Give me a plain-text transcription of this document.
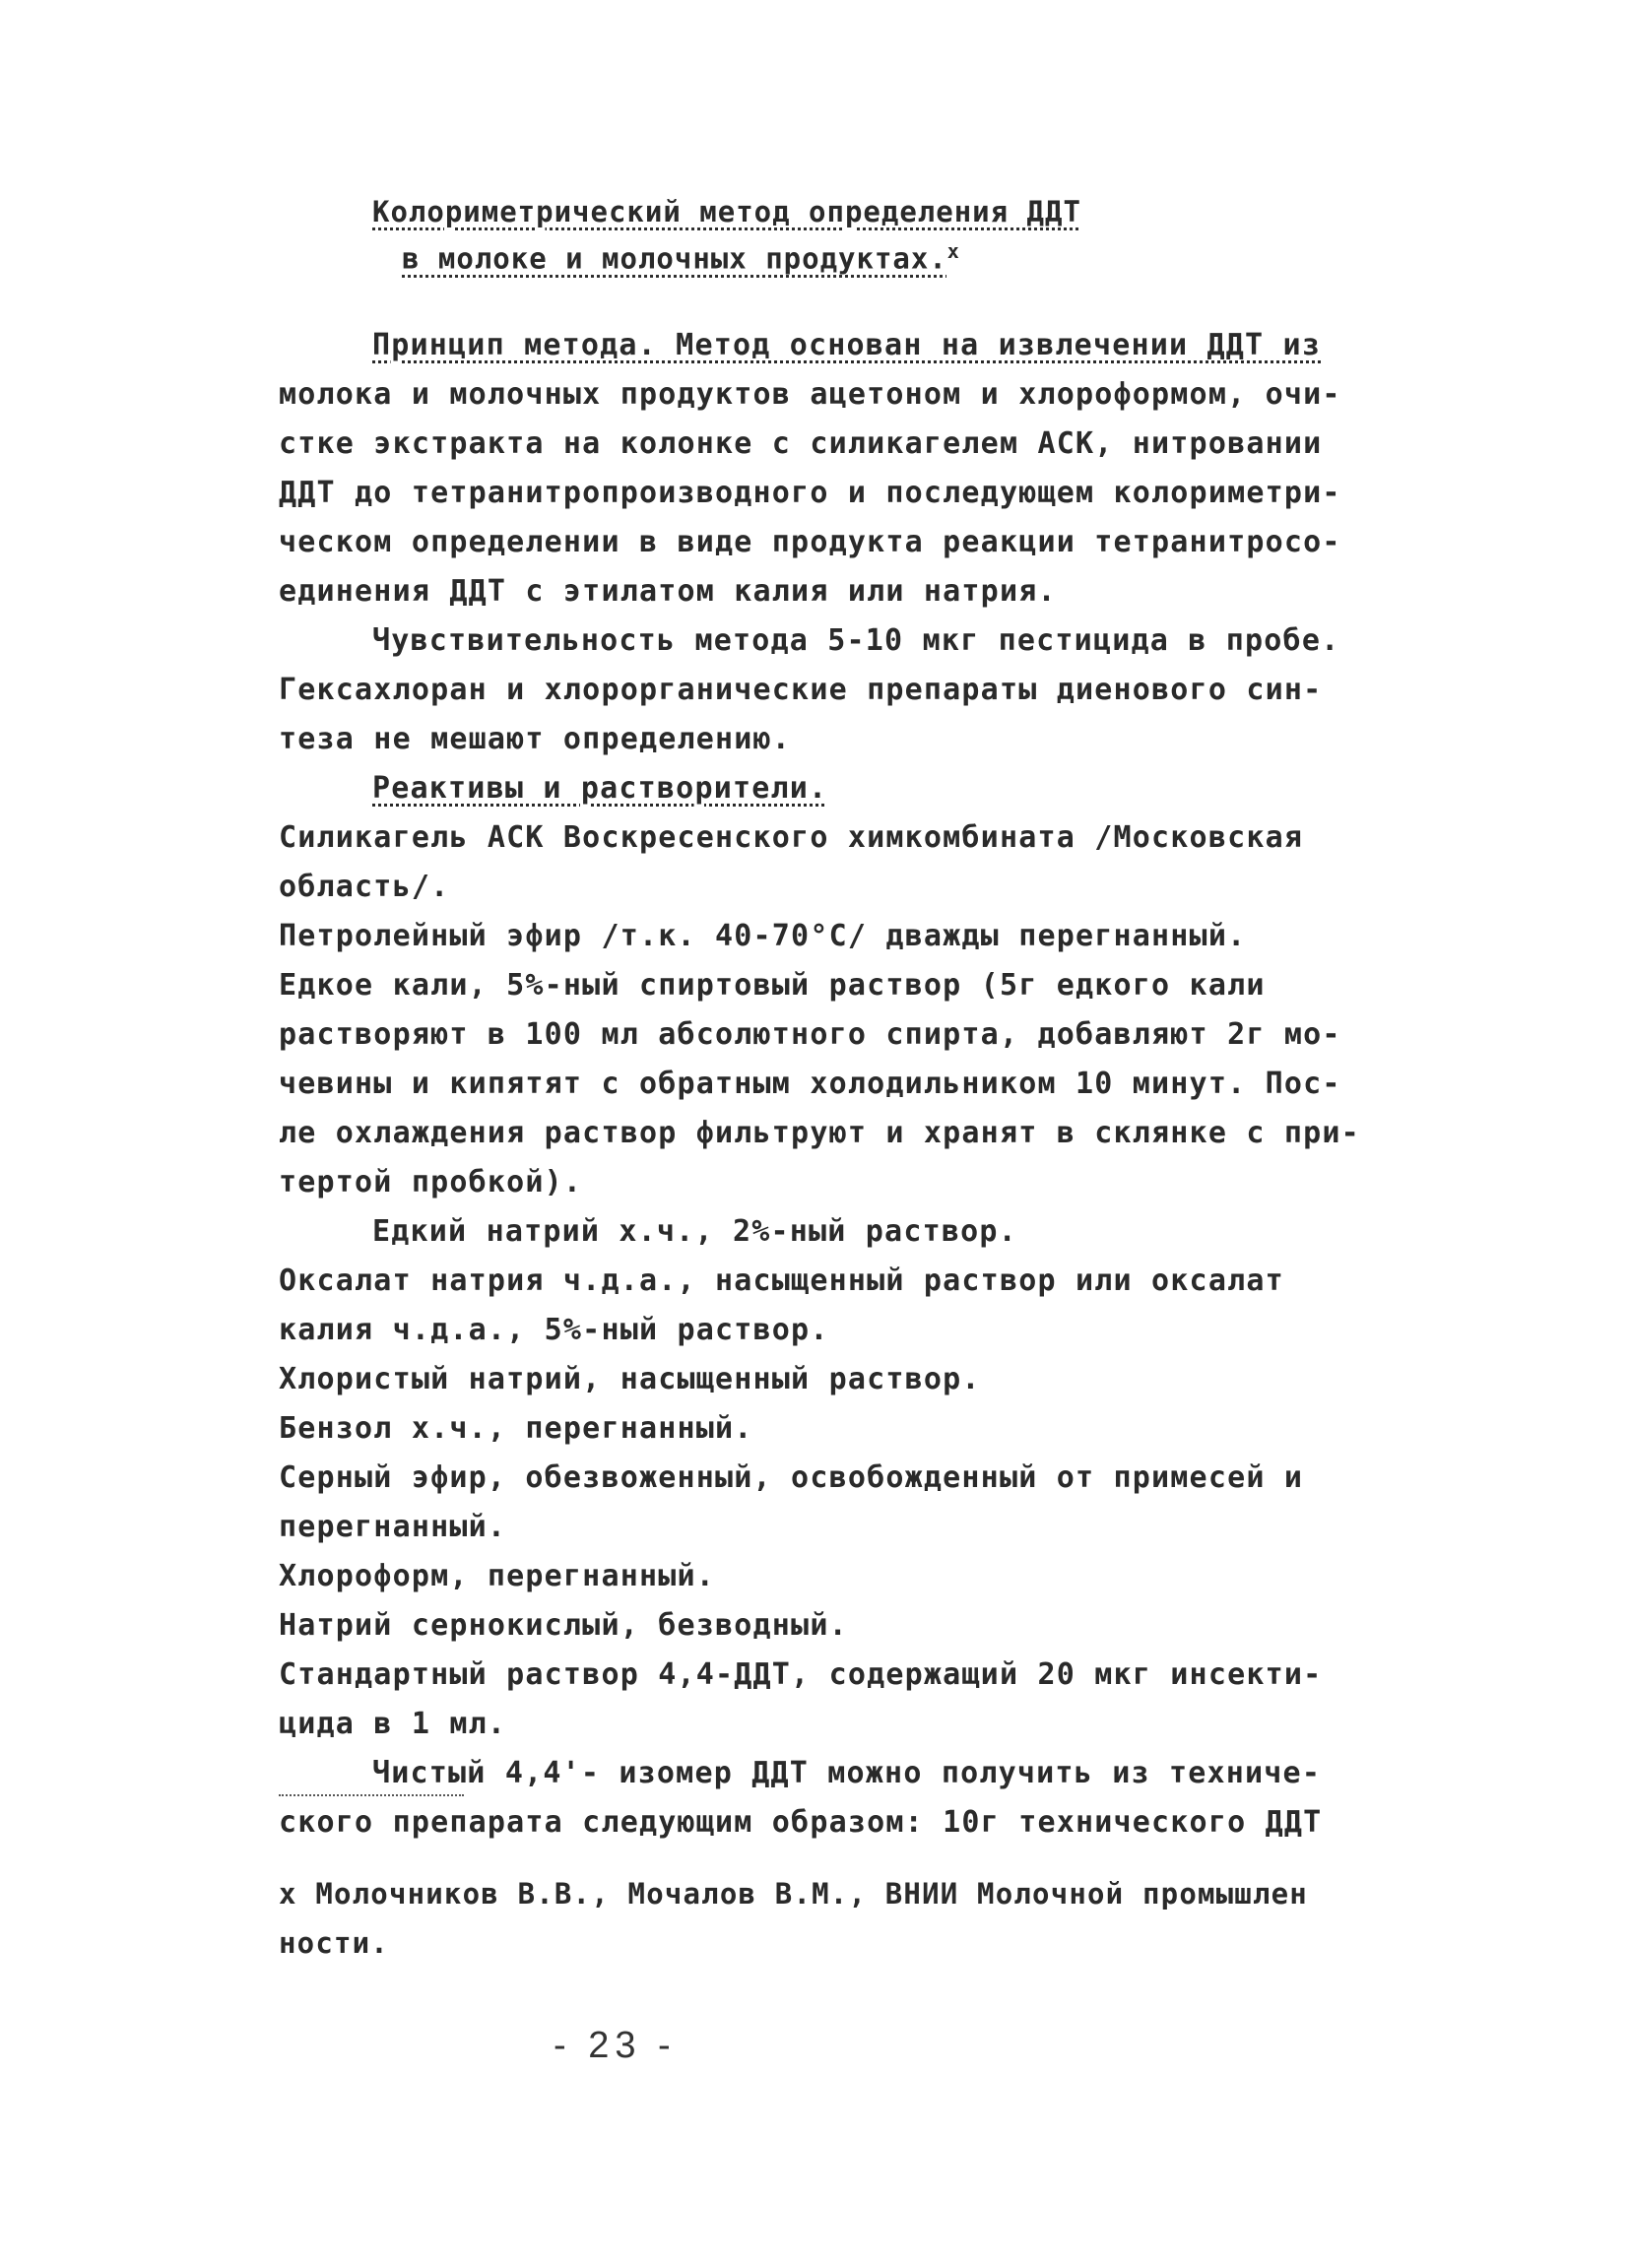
Колориметрический метод определения ДДТ
в молоке и молочных продуктах.х
Принцип метода. Метод основан на извлечении ДДТ из
молока и молочных продуктов ацетоном и хлороформом, очи-
стке экстракта на колонке с силикагелем АСК, нитровании
ДДТ до тетранитропроизводного и последующем колориметри-
ческом определении в виде продукта реакции тетранитросо-
единения ДДТ с этилатом калия или натрия.
Чувствительность метода 5-10 мкг пестицида в пробе.
Гексахлоран и хлорорганические препараты диенового син-
теза не мешают определению.
Реактивы и растворители.
Силикагель АСК Воскресенского химкомбината /Московская
область/.
Петролейный эфир /т.к. 40-70°С/ дважды перегнанный.
Едкое кали, 5%-ный спиртовый раствор (5г едкого кали
растворяют в 100 мл абсолютного спирта, добавляют 2г мо-
чевины и кипятят с обратным холодильником 10 минут. Пос-
ле охлаждения раствор фильтруют и хранят в склянке с при-
тертой пробкой).
Едкий натрий х.ч., 2%-ный раствор.
Оксалат натрия ч.д.а., насыщенный раствор или оксалат
калия ч.д.а., 5%-ный раствор.
Хлористый натрий, насыщенный раствор.
Бензол х.ч., перегнанный.
Серный эфир, обезвоженный, освобожденный от примесей и
перегнанный.
Хлороформ, перегнанный.
Натрий сернокислый, безводный.
Стандартный раствор 4,4-ДДТ, содержащий 20 мкг инсекти-
цида в 1 мл.
Чистый 4,4'- изомер ДДТ можно получить из техниче-
ского препарата следующим образом: 10г технического ДДТ
х Молочников В.В., Мочалов В.М., ВНИИ Молочной промышлен
ности.
- 23 -
